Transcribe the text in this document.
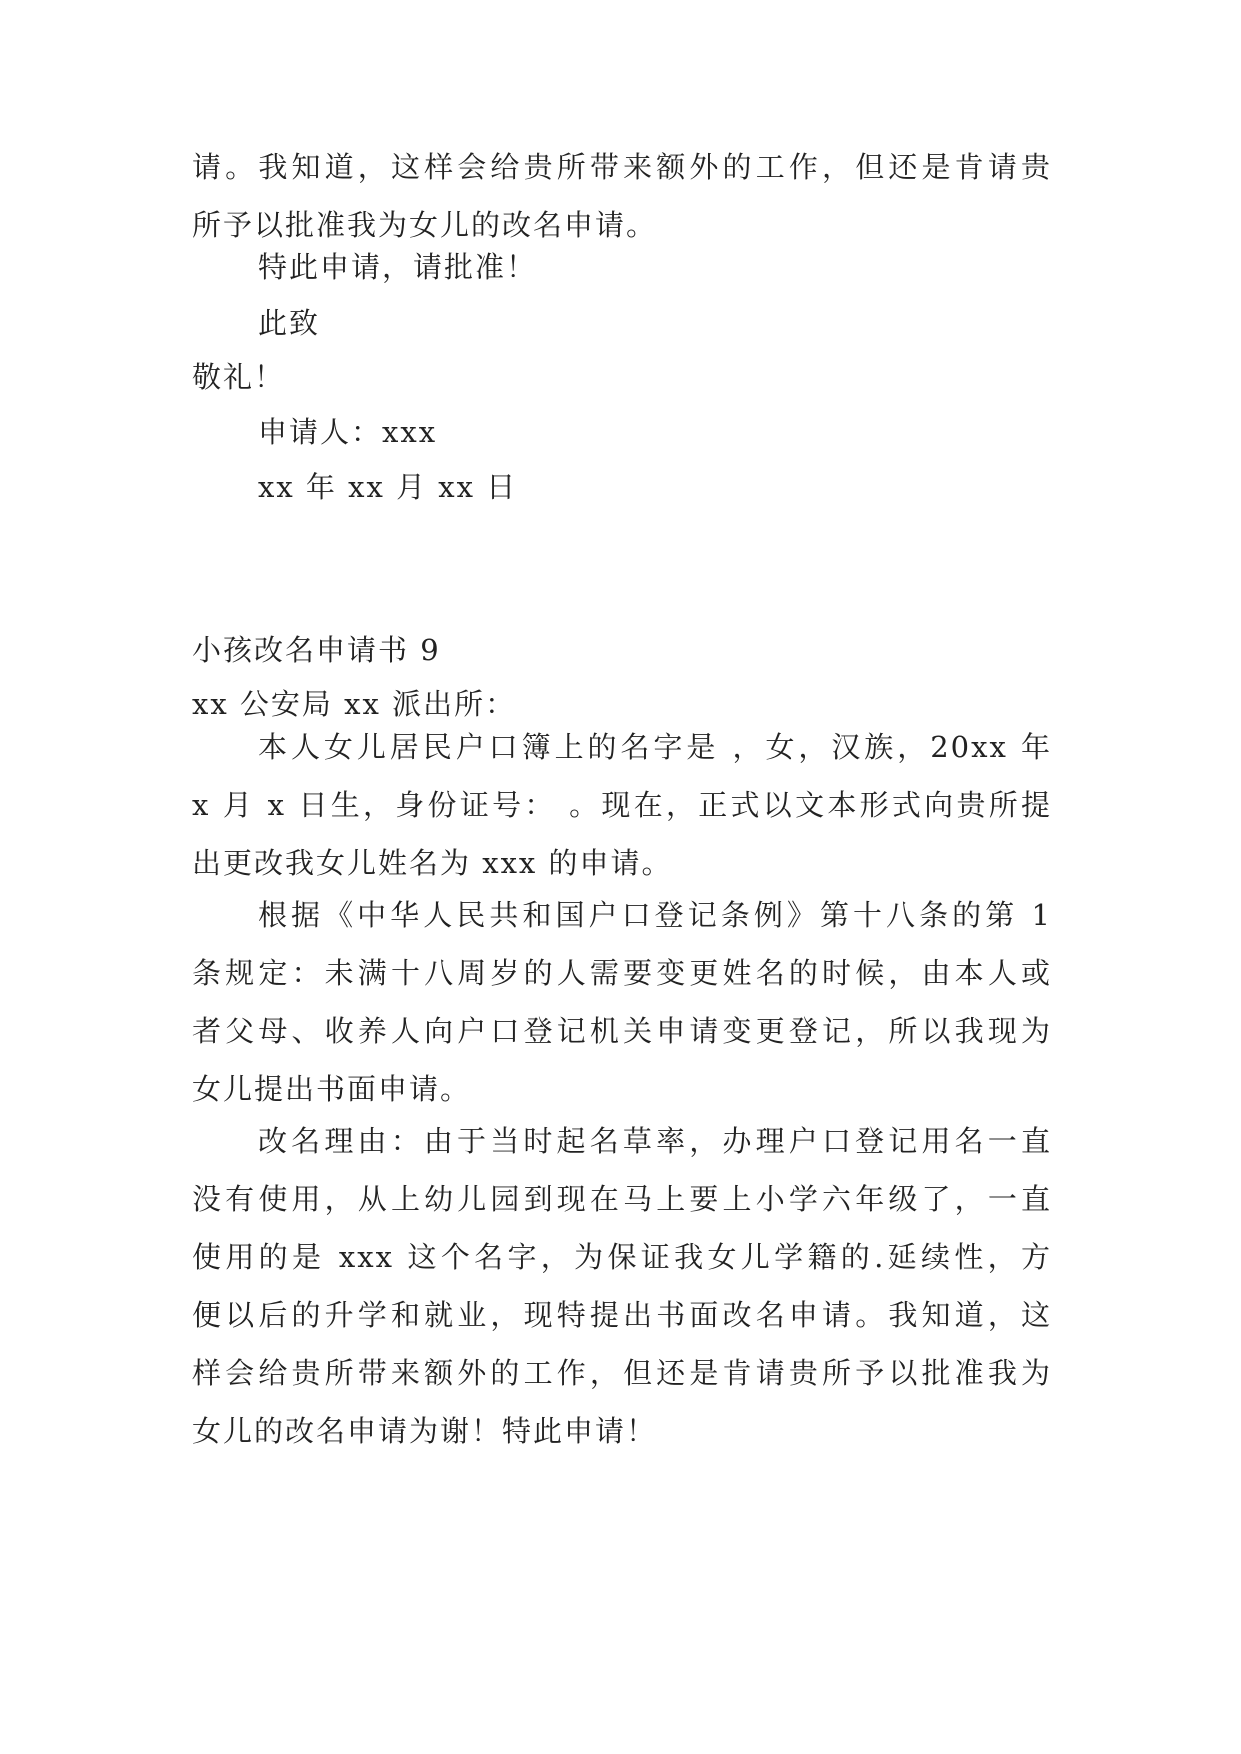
请。我知道，这样会给贵所带来额外的工作，但还是肯请贵
所予以批准我为女儿的改名申请。
特此申请，请批准！
此致
敬礼！
申请人：xxx
xx 年 xx 月 xx 日
小孩改名申请书 9
xx 公安局 xx 派出所：
本人女儿居民户口簿上的名字是 ，女，汉族，20xx 年
x 月 x 日生，身份证号： 。现在，正式以文本形式向贵所提
出更改我女儿姓名为 xxx 的申请。
根据《中华人民共和国户口登记条例》第十八条的第 1
条规定：未满十八周岁的人需要变更姓名的时候，由本人或
者父母、收养人向户口登记机关申请变更登记，所以我现为
女儿提出书面申请。
改名理由：由于当时起名草率，办理户口登记用名一直
没有使用，从上幼儿园到现在马上要上小学六年级了，一直
使用的是 xxx 这个名字，为保证我女儿学籍的.延续性，方
便以后的升学和就业，现特提出书面改名申请。我知道，这
样会给贵所带来额外的工作，但还是肯请贵所予以批准我为
女儿的改名申请为谢！特此申请！
